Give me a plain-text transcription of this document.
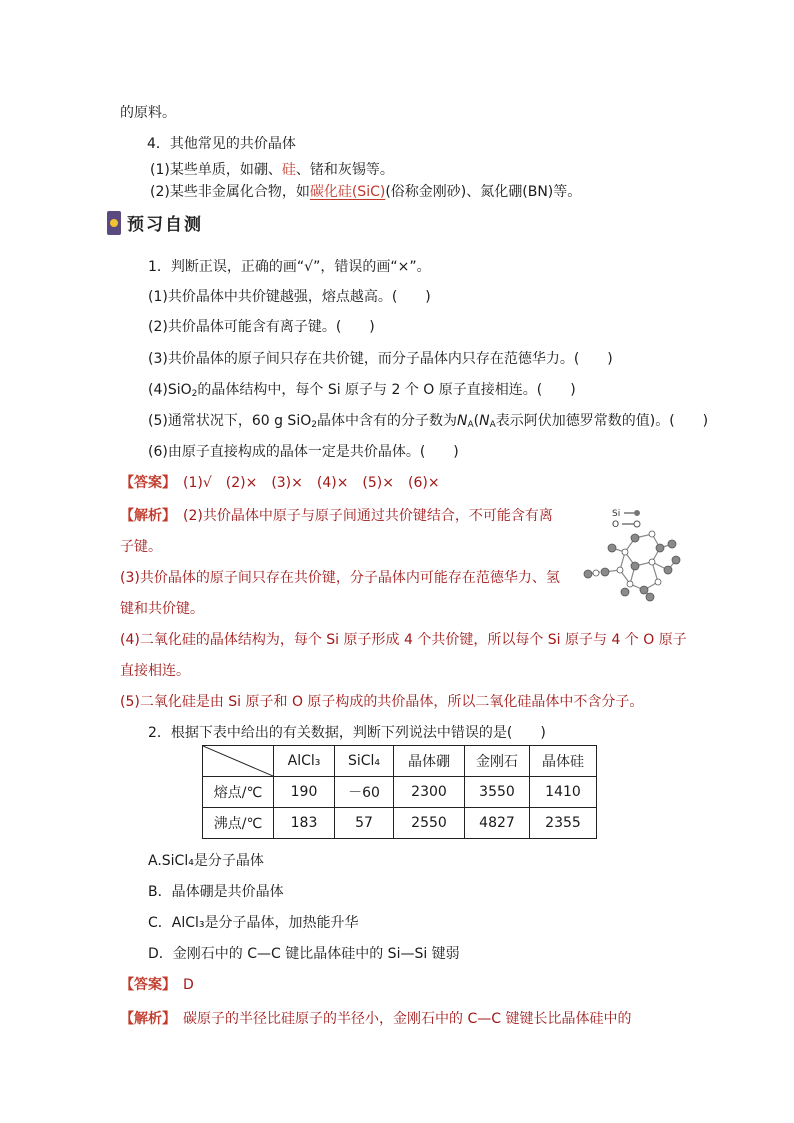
的原料。
4．其他常见的共价晶体
(1)某些单质，如硼、硅、锗和灰锡等。
(2)某些非金属化合物，如碳化硅(SiC)(俗称金刚砂)、氮化硼(BN)等。
预习自测
1．判断正误，正确的画“√”，错误的画“×”。
(1)共价晶体中共价键越强，熔点越高。(　　)
(2)共价晶体可能含有离子键。(　　)
(3)共价晶体的原子间只存在共价键，而分子晶体内只存在范德华力。(　　)
(4)SiO$_2$的晶体结构中，每个 Si 原子与 2 个 O 原子直接相连。(　　)
(5)通常状况下，60 g SiO$_2$晶体中含有的分子数为$N_A(N_A$表示阿伏加德罗常数的值)。(　　)
(6)由原子直接构成的晶体一定是共价晶体。(　　)
【答案】　 (1)√　(2)×　(3)×　(4)×　(5)×　(6)×
【解析】　 (2)共价晶体中原子与原子间通过共价键结合，不可能含有离
子键。
(3)共价晶体的原子间只存在共价键，分子晶体内可能存在范德华力、氢
键和共价键。
(4)二氧化硅的晶体结构为，每个 Si 原子形成 4 个共价键，所以每个 Si 原子与 4 个 O 原子
直接相连。
(5)二氧化硅是由 Si 原子和 O 原子构成的共价晶体，所以二氧化硅晶体中不含分子。
Si
O
2．根据下表中给出的有关数据，判断下列说法中错误的是(　　)
	AlCl₃	SiCl₄	晶体硼	金刚石	晶体硅
熔点/℃	190	－60	2300	3550	1410
沸点/℃	183	57	2550	4827	2355
A.SiCl₄是分子晶体
B．晶体硼是共价晶体
C．AlCl₃是分子晶体，加热能升华
D．金刚石中的 C—C 键比晶体硅中的 Si—Si 键弱
【答案】　 D
【解析】　 碳原子的半径比硅原子的半径小，金刚石中的 C—C 键键长比晶体硅中的
